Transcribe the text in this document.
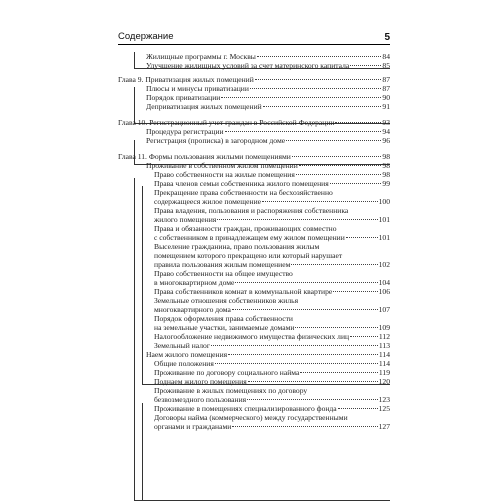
Содержание	5
Жилищные программы г. Москвы	84
Улучшение жилищных условий за счет материнского капитала	85
Глава 9. Приватизация жилых помещений	87
Плюсы и минусы приватизации	87
Порядок приватизации	90
Деприватизация жилых помещений	91
Глава 10. Регистрационный учет граждан в Российской Федерации	93
Процедура регистрации	94
Регистрация (прописка) в загородном доме	96
Глава 11. Формы пользования жилыми помещениями	98
Проживание в собственном жилом помещении	98
Право собственности на жилые помещения	98
Права членов семьи собственника жилого помещения	99
Прекращение права собственности на бесхозяйственно
содержащееся жилое помещение	100
Права владения, пользования и распоряжения собственника
жилого помещения	101
Права и обязанности граждан, проживающих совместно
с собственником в принадлежащем ему жилом помещении	101
Выселение гражданина, право пользования жилым
помещением которого прекращено или который нарушает
правила пользования жилым помещением	102
Право собственности на общее имущество
в многоквартирном доме	104
Права собственников комнат в коммунальной квартире	106
Земельные отношения собственников жилья
многоквартирного дома	107
Порядок оформления права собственности
на земельные участки, занимаемые домами	109
Налогообложение недвижимого имущества физических лиц	112
Земельный налог	113
Наем жилого помещения	114
Общие положения	114
Проживание по договору социального найма	119
Поднаем жилого помещения	120
Проживание в жилых помещениях по договору
безвозмездного пользования	123
Проживание в помещениях специализированного фонда	125
Договоры найма (коммерческого) между государственными
органами и гражданами	127
